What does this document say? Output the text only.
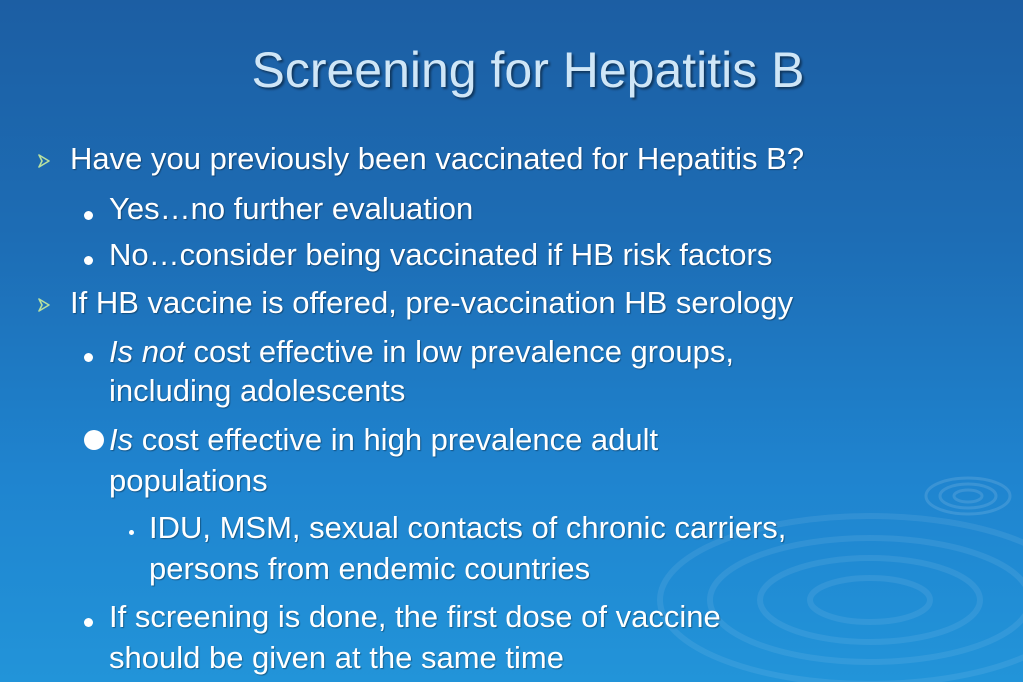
Screening for Hepatitis B
Have you previously been vaccinated for Hepatitis B?
Yes…no further evaluation
No…consider being vaccinated if HB risk factors
If HB vaccine is offered, pre-vaccination HB serology
Is not cost effective in low prevalence groups,
including adolescents
Is cost effective in high prevalence adult
populations
IDU, MSM, sexual contacts of chronic carriers,
persons from endemic countries
If screening is done, the first dose of vaccine
should be given at the same time
